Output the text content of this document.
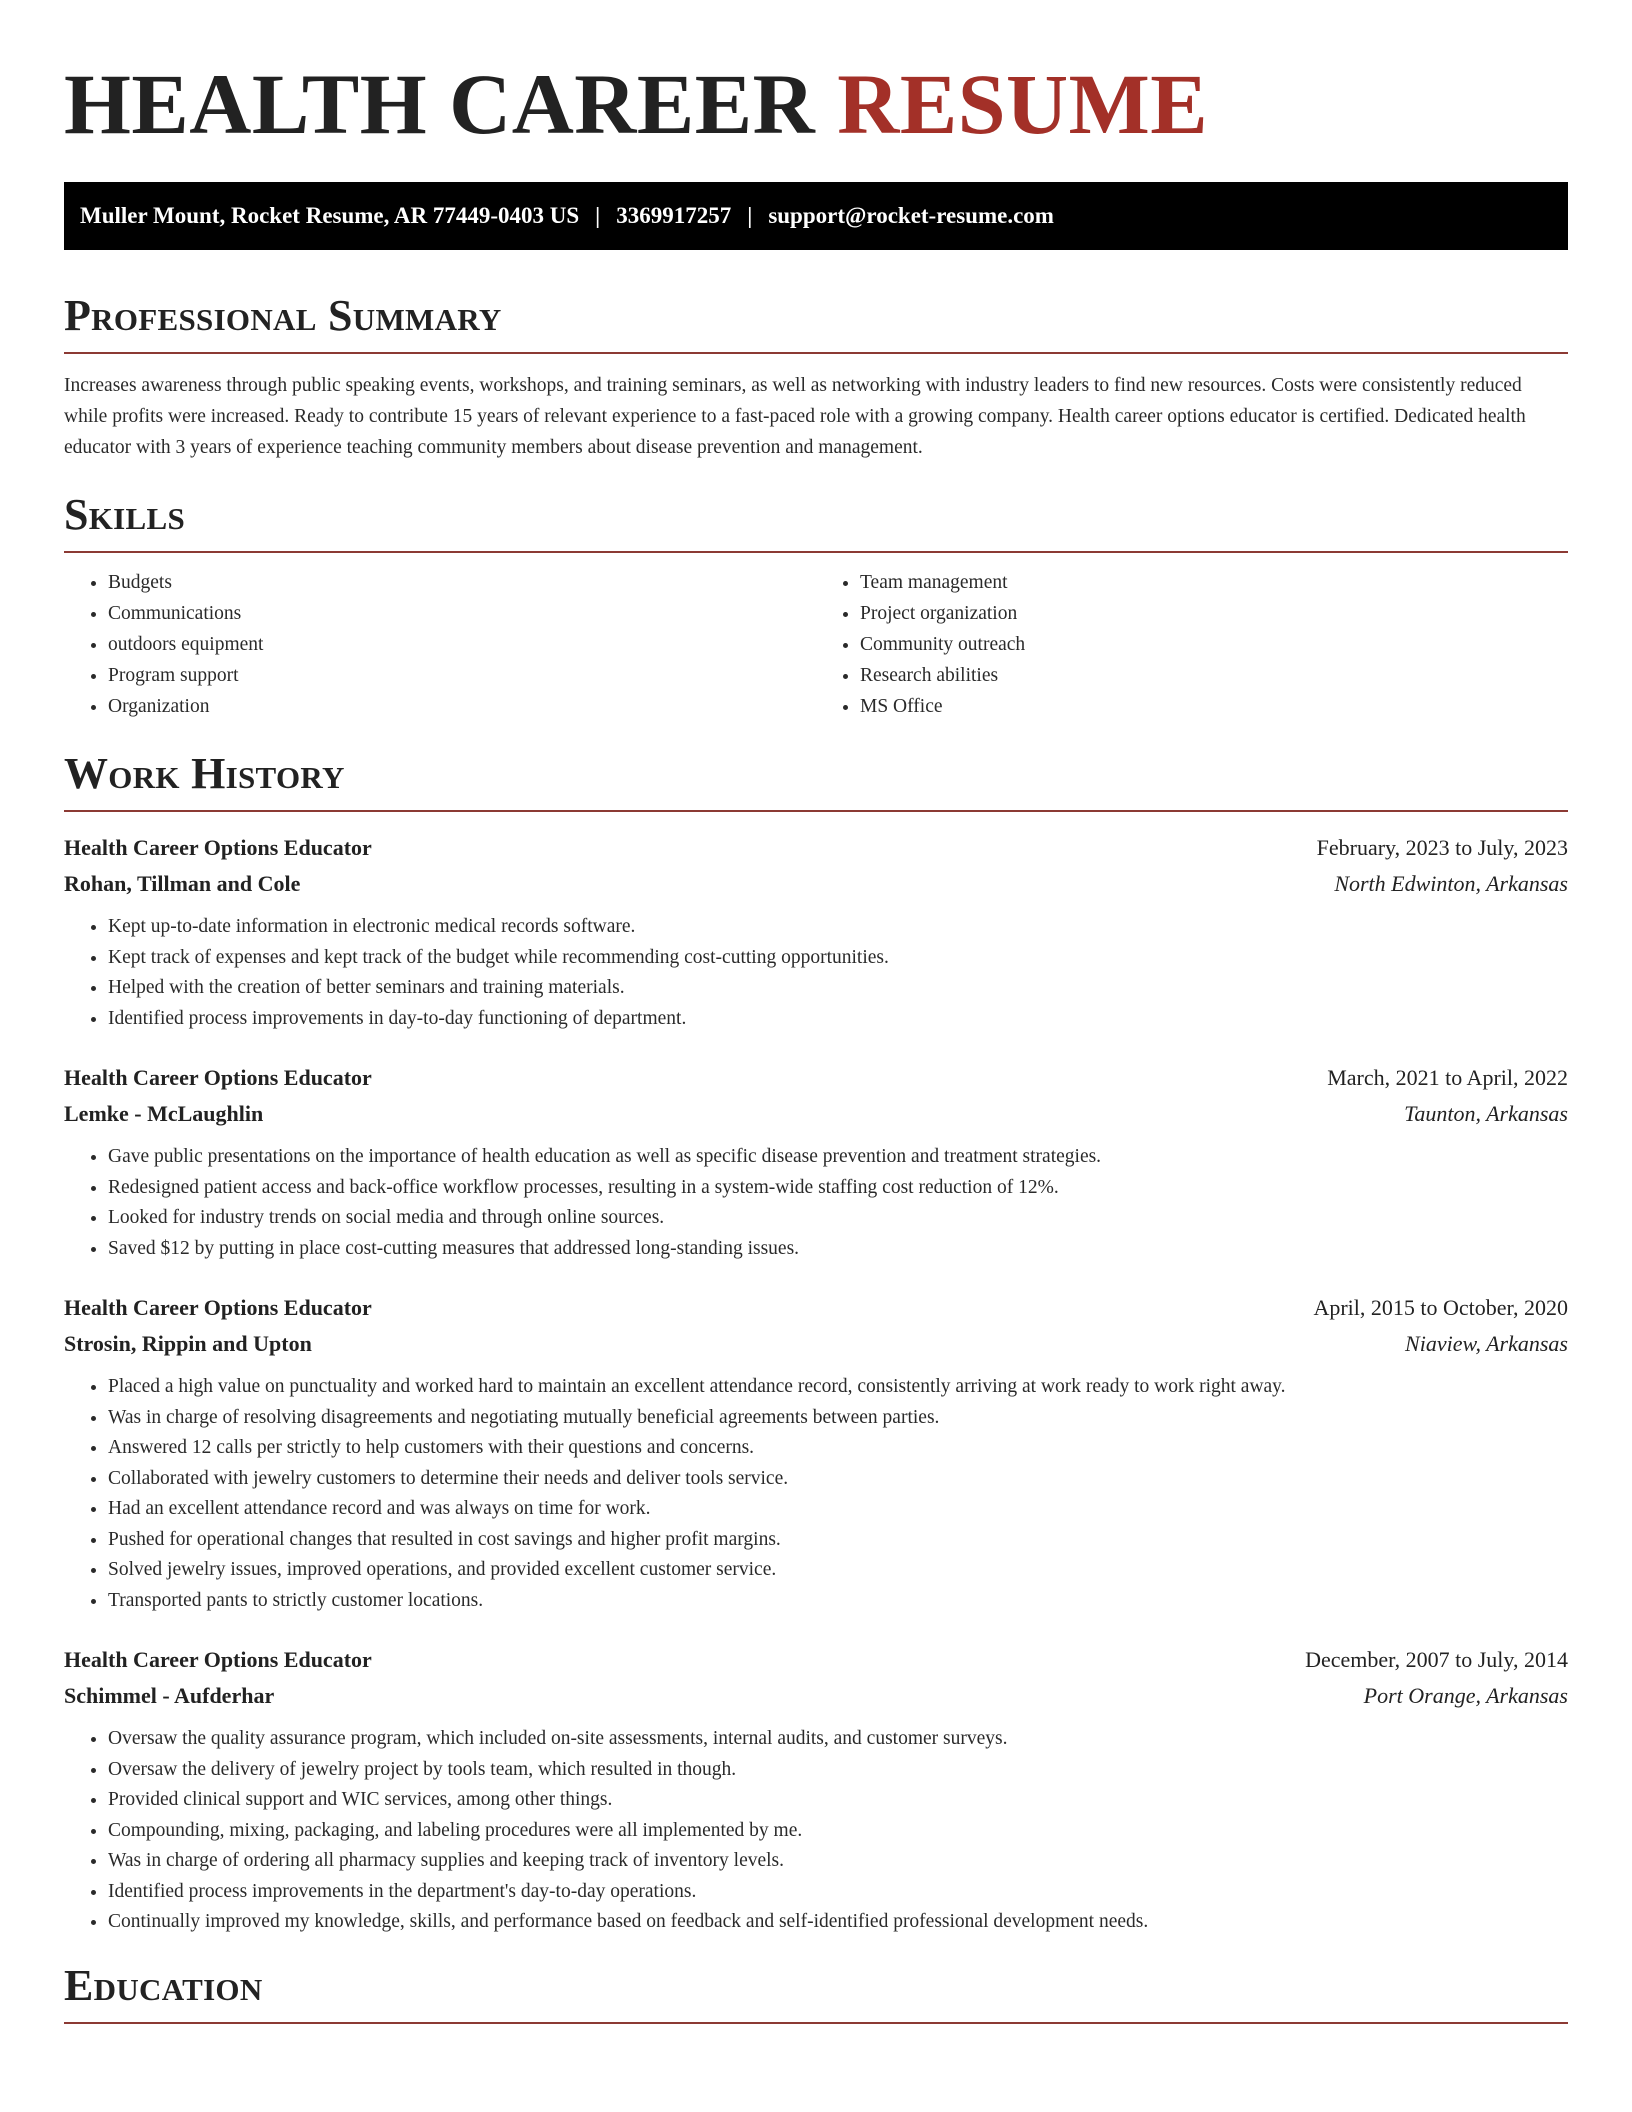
HEALTH CAREER RESUME
Muller Mount, Rocket Resume, AR 77449-0403 US | 3369917257 | support@rocket-resume.com
Professional Summary

Increases awareness through public speaking events, workshops, and training seminars, as well as networking with industry leaders to find new resources. Costs were consistently reduced while profits were increased. Ready to contribute 15 years of relevant experience to a fast-paced role with a growing company. Health career options educator is certified. Dedicated health educator with 3 years of experience teaching community members about disease prevention and management.

Skills
• Budgets
• Communications
• outdoors equipment
• Program support
• Organization
• Team management
• Project organization
• Community outreach
• Research abilities
• MS Office
Work History
Health Career Options Educator	February, 2023 to July, 2023
Rohan, Tillman and Cole	North Edwinton, Arkansas
• Kept up-to-date information in electronic medical records software.
• Kept track of expenses and kept track of the budget while recommending cost-cutting opportunities.
• Helped with the creation of better seminars and training materials.
• Identified process improvements in day-to-day functioning of department.
Health Career Options Educator	March, 2021 to April, 2022
Lemke - McLaughlin	Taunton, Arkansas
• Gave public presentations on the importance of health education as well as specific disease prevention and treatment strategies.
• Redesigned patient access and back-office workflow processes, resulting in a system-wide staffing cost reduction of 12%.
• Looked for industry trends on social media and through online sources.
• Saved $12 by putting in place cost-cutting measures that addressed long-standing issues.
Health Career Options Educator	April, 2015 to October, 2020
Strosin, Rippin and Upton	Niaview, Arkansas
• Placed a high value on punctuality and worked hard to maintain an excellent attendance record, consistently arriving at work ready to work right away.
• Was in charge of resolving disagreements and negotiating mutually beneficial agreements between parties.
• Answered 12 calls per strictly to help customers with their questions and concerns.
• Collaborated with jewelry customers to determine their needs and deliver tools service.
• Had an excellent attendance record and was always on time for work.
• Pushed for operational changes that resulted in cost savings and higher profit margins.
• Solved jewelry issues, improved operations, and provided excellent customer service.
• Transported pants to strictly customer locations.
Health Career Options Educator	December, 2007 to July, 2014
Schimmel - Aufderhar	Port Orange, Arkansas
• Oversaw the quality assurance program, which included on-site assessments, internal audits, and customer surveys.
• Oversaw the delivery of jewelry project by tools team, which resulted in though.
• Provided clinical support and WIC services, among other things.
• Compounding, mixing, packaging, and labeling procedures were all implemented by me.
• Was in charge of ordering all pharmacy supplies and keeping track of inventory levels.
• Identified process improvements in the department's day-to-day operations.
• Continually improved my knowledge, skills, and performance based on feedback and self-identified professional development needs.
Education
